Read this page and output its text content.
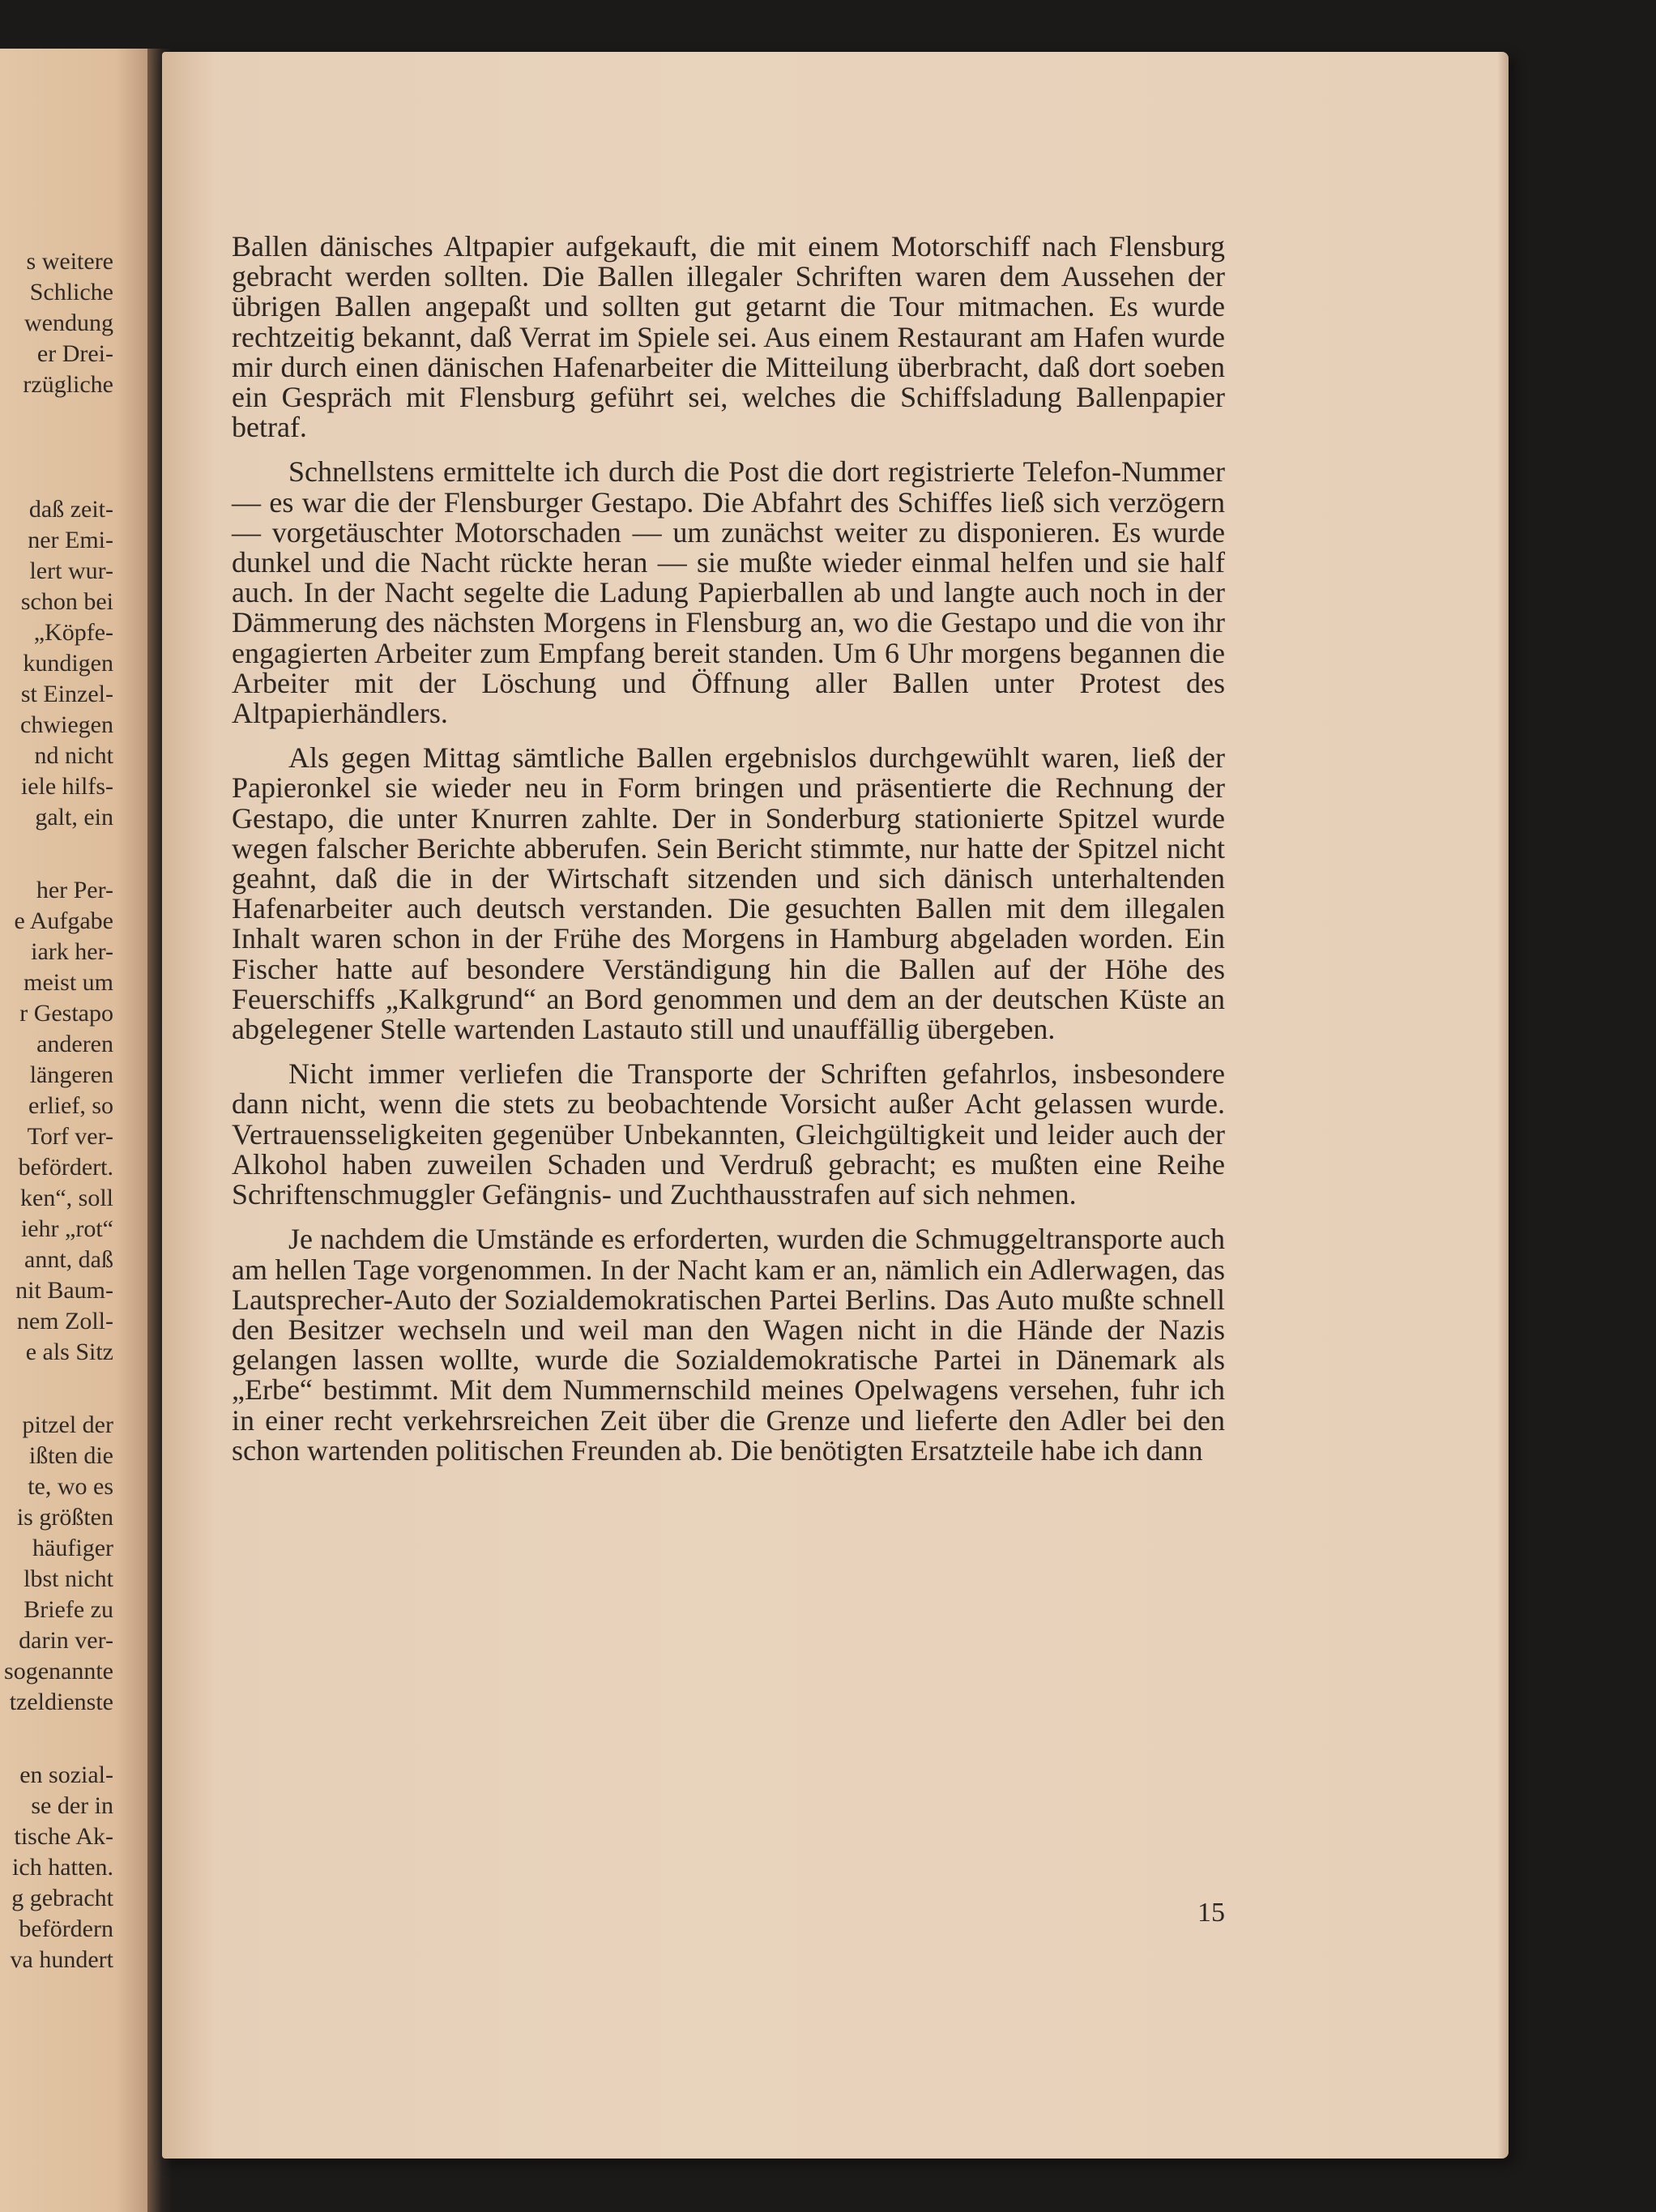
s weitere
Schliche
wendung
er Drei-
rzügliche
daß zeit-
ner Emi-
lert wur-
schon bei
„Köpfe-
kundigen
st Einzel-
chwiegen
nd nicht
iele hilfs-
galt, ein
her Per-
e Aufgabe
iark her-
meist um
r Gestapo
anderen
längeren
erlief, so
Torf ver-
befördert.
ken“, soll
iehr „rot“
annt, daß
nit Baum-
nem Zoll-
e als Sitz
pitzel der
ißten die
te, wo es
is größten
häufiger
lbst nicht
Briefe zu
darin ver-
sogenannte
tzeldienste
en sozial-
se der in
tische Ak-
ich hatten.
g gebracht
befördern
va hundert

Ballen dänisches Altpapier aufgekauft, die mit einem Motorschiff nach Flensburg gebracht werden sollten. Die Ballen illegaler Schriften waren dem Aussehen der übrigen Ballen angepaßt und sollten gut getarnt die Tour mitmachen. Es wurde rechtzeitig bekannt, daß Verrat im Spiele sei. Aus einem Restaurant am Hafen wurde mir durch einen dänischen Hafenarbeiter die Mitteilung überbracht, daß dort soeben ein Gespräch mit Flensburg geführt sei, welches die Schiffsladung Ballenpapier betraf.

Schnellstens ermittelte ich durch die Post die dort registrierte Telefon-Nummer — es war die der Flensburger Gestapo. Die Abfahrt des Schiffes ließ sich verzögern — vorgetäuschter Motorschaden — um zunächst weiter zu disponieren. Es wurde dunkel und die Nacht rückte heran — sie mußte wieder einmal helfen und sie half auch. In der Nacht segelte die Ladung Papierballen ab und langte auch noch in der Dämmerung des nächsten Morgens in Flensburg an, wo die Gestapo und die von ihr engagierten Arbeiter zum Empfang bereit standen. Um 6 Uhr morgens begannen die Arbeiter mit der Löschung und Öffnung aller Ballen unter Protest des Altpapierhändlers.

Als gegen Mittag sämtliche Ballen ergebnislos durchgewühlt waren, ließ der Papieronkel sie wieder neu in Form bringen und präsentierte die Rechnung der Gestapo, die unter Knurren zahlte. Der in Sonderburg stationierte Spitzel wurde wegen falscher Berichte abberufen. Sein Bericht stimmte, nur hatte der Spitzel nicht geahnt, daß die in der Wirtschaft sitzenden und sich dänisch unterhaltenden Hafenarbeiter auch deutsch verstanden. Die gesuchten Ballen mit dem illegalen Inhalt waren schon in der Frühe des Morgens in Hamburg abgeladen worden. Ein Fischer hatte auf besondere Verständigung hin die Ballen auf der Höhe des Feuerschiffs „Kalkgrund“ an Bord genommen und dem an der deutschen Küste an abgelegener Stelle wartenden Lastauto still und unauffällig übergeben.

Nicht immer verliefen die Transporte der Schriften gefahrlos, insbesondere dann nicht, wenn die stets zu beobachtende Vorsicht außer Acht gelassen wurde. Vertrauensseligkeiten gegenüber Unbekannten, Gleichgültigkeit und leider auch der Alkohol haben zuweilen Schaden und Verdruß gebracht; es mußten eine Reihe Schriftenschmuggler Gefängnis- und Zuchthausstrafen auf sich nehmen.

Je nachdem die Umstände es erforderten, wurden die Schmuggeltransporte auch am hellen Tage vorgenommen. In der Nacht kam er an, nämlich ein Adlerwagen, das Lautsprecher-Auto der Sozialdemokratischen Partei Berlins. Das Auto mußte schnell den Besitzer wechseln und weil man den Wagen nicht in die Hände der Nazis gelangen lassen wollte, wurde die Sozialdemokratische Partei in Dänemark als „Erbe“ bestimmt. Mit dem Nummernschild meines Opelwagens versehen, fuhr ich in einer recht verkehrsreichen Zeit über die Grenze und lieferte den Adler bei den schon wartenden politischen Freunden ab. Die benötigten Ersatzteile habe ich dann

15
